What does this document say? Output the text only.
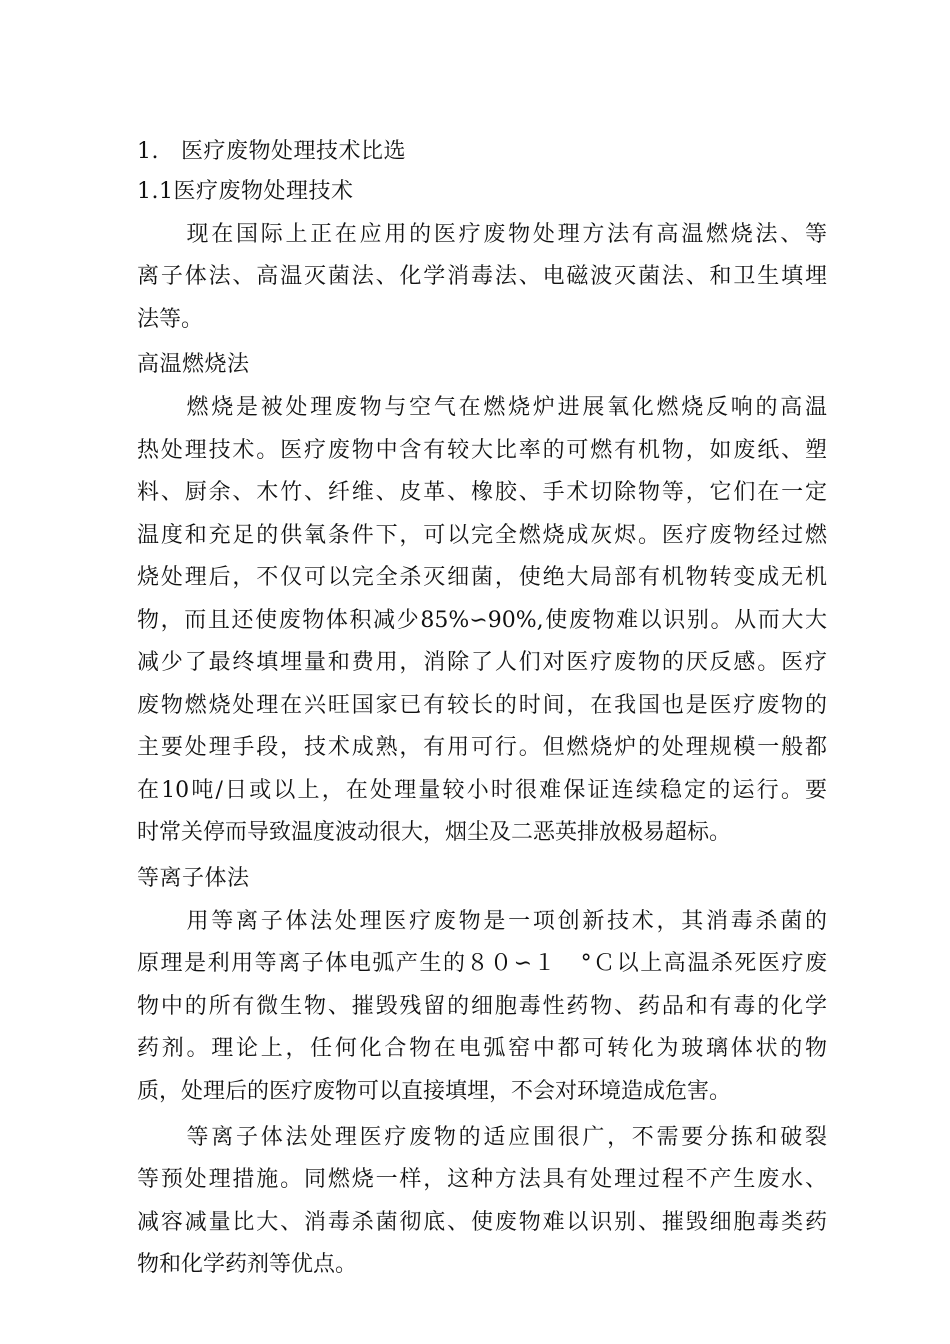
1. 医疗废物处理技术比选
1.1医疗废物处理技术
　　现在国际上正在应用的医疗废物处理方法有高温燃烧法、等
离子体法、高温灭菌法、化学消毒法、电磁波灭菌法、和卫生填埋
法等。
高温燃烧法
　　燃烧是被处理废物与空气在燃烧炉进展氧化燃烧反响的高温
热处理技术。医疗废物中含有较大比率的可燃有机物，如废纸、塑
料、厨余、木竹、纤维、皮革、橡胶、手术切除物等，它们在一定
温度和充足的供氧条件下，可以完全燃烧成灰烬。医疗废物经过燃
烧处理后，不仅可以完全杀灭细菌，使绝大局部有机物转变成无机
物，而且还使废物体积减少85%∽90%,使废物难以识别。从而大大
减少了最终填埋量和费用，消除了人们对医疗废物的厌反感。医疗
废物燃烧处理在兴旺国家已有较长的时间，在我国也是医疗废物的
主要处理手段，技术成熟，有用可行。但燃烧炉的处理规模一般都
在10吨/日或以上，在处理量较小时很难保证连续稳定的运行。要
时常关停而导致温度波动很大，烟尘及二恶英排放极易超标。
等离子体法
　　用等离子体法处理医疗废物是一项创新技术，其消毒杀菌的
原理是利用等离子体电弧产生的８０∽１　°Ｃ以上高温杀死医疗废
物中的所有微生物、摧毁残留的细胞毒性药物、药品和有毒的化学
药剂。理论上，任何化合物在电弧窑中都可转化为玻璃体状的物
质，处理后的医疗废物可以直接填埋，不会对环境造成危害。
　　等离子体法处理医疗废物的适应围很广，不需要分拣和破裂
等预处理措施。同燃烧一样，这种方法具有处理过程不产生废水、
减容减量比大、消毒杀菌彻底、使废物难以识别、摧毁细胞毒类药
物和化学药剂等优点。
